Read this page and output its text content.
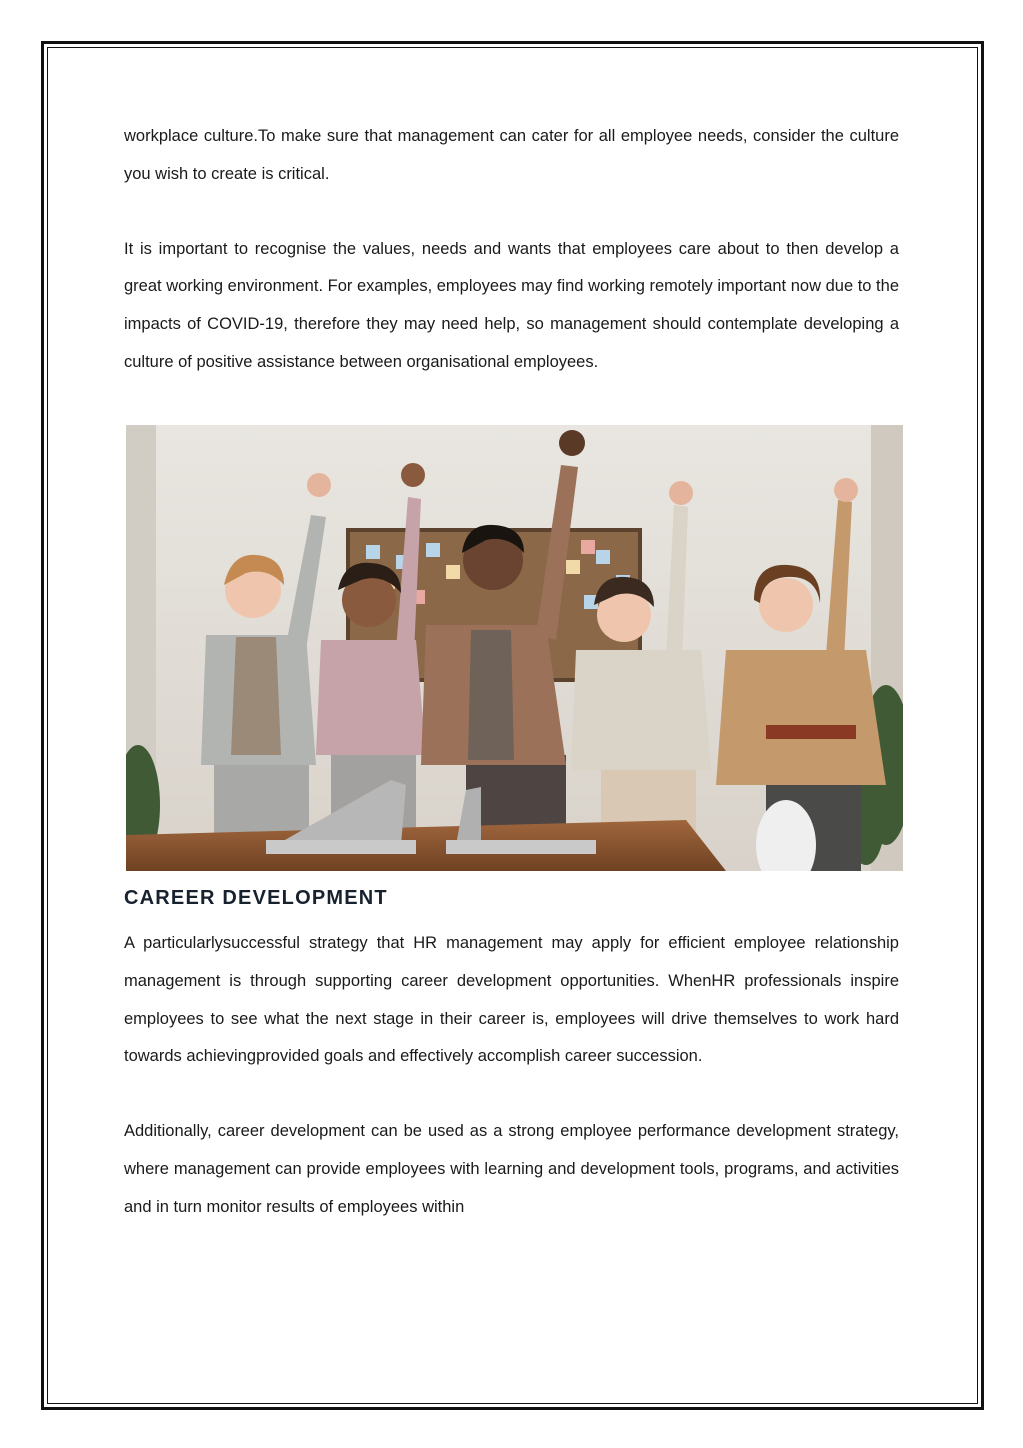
workplace culture.To make sure that management can cater for all employee needs, consider the culture you wish to create is critical.

It is important to recognise the values, needs and wants that employees care about to then develop a great working environment. For examples, employees may find working remotely important now due to the impacts of COVID-19, therefore they may need help, so management should contemplate developing a culture of positive assistance between organisational employees.

CAREER DEVELOPMENT

A particularlysuccessful strategy that HR management may apply for efficient employee relationship management is through supporting career development opportunities. WhenHR professionals inspire employees to see what the next stage in their career is, employees will drive themselves to work hard towards achievingprovided goals and effectively accomplish career succession.

Additionally, career development can be used as a strong employee performance development strategy, where management can provide employees with learning and development tools, programs, and activities and in turn monitor results of employees within
